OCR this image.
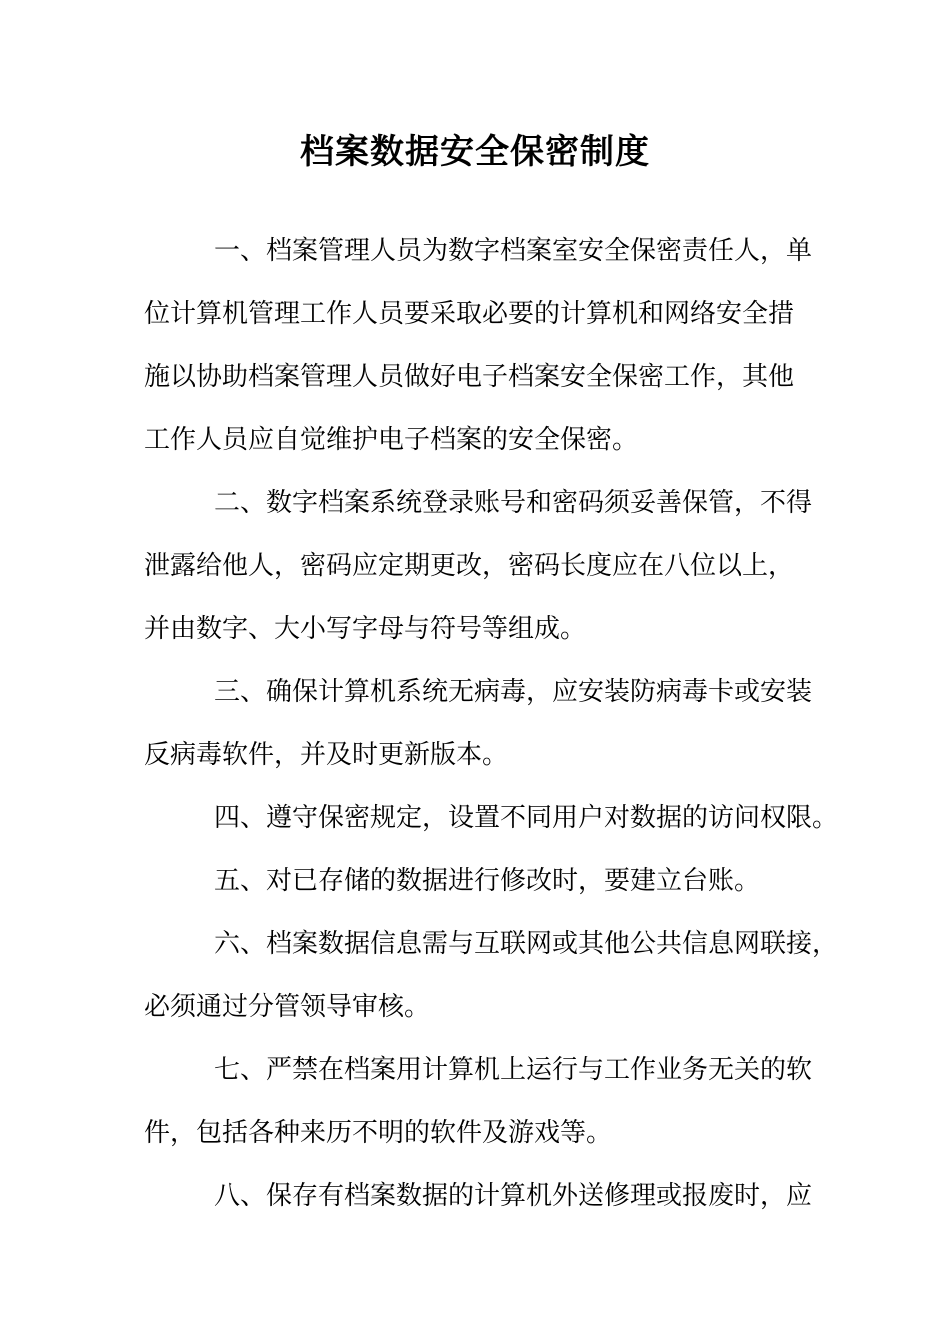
档案数据安全保密制度
一、档案管理人员为数字档案室安全保密责任人，单
位计算机管理工作人员要采取必要的计算机和网络安全措
施以协助档案管理人员做好电子档案安全保密工作，其他
工作人员应自觉维护电子档案的安全保密。
二、数字档案系统登录账号和密码须妥善保管，不得
泄露给他人，密码应定期更改，密码长度应在八位以上，
并由数字、大小写字母与符号等组成。
三、确保计算机系统无病毒，应安装防病毒卡或安装
反病毒软件，并及时更新版本。
四、遵守保密规定，设置不同用户对数据的访问权限。
五、对已存储的数据进行修改时，要建立台账。
六、档案数据信息需与互联网或其他公共信息网联接，
必须通过分管领导审核。
七、严禁在档案用计算机上运行与工作业务无关的软
件，包括各种来历不明的软件及游戏等。
八、保存有档案数据的计算机外送修理或报废时，应
